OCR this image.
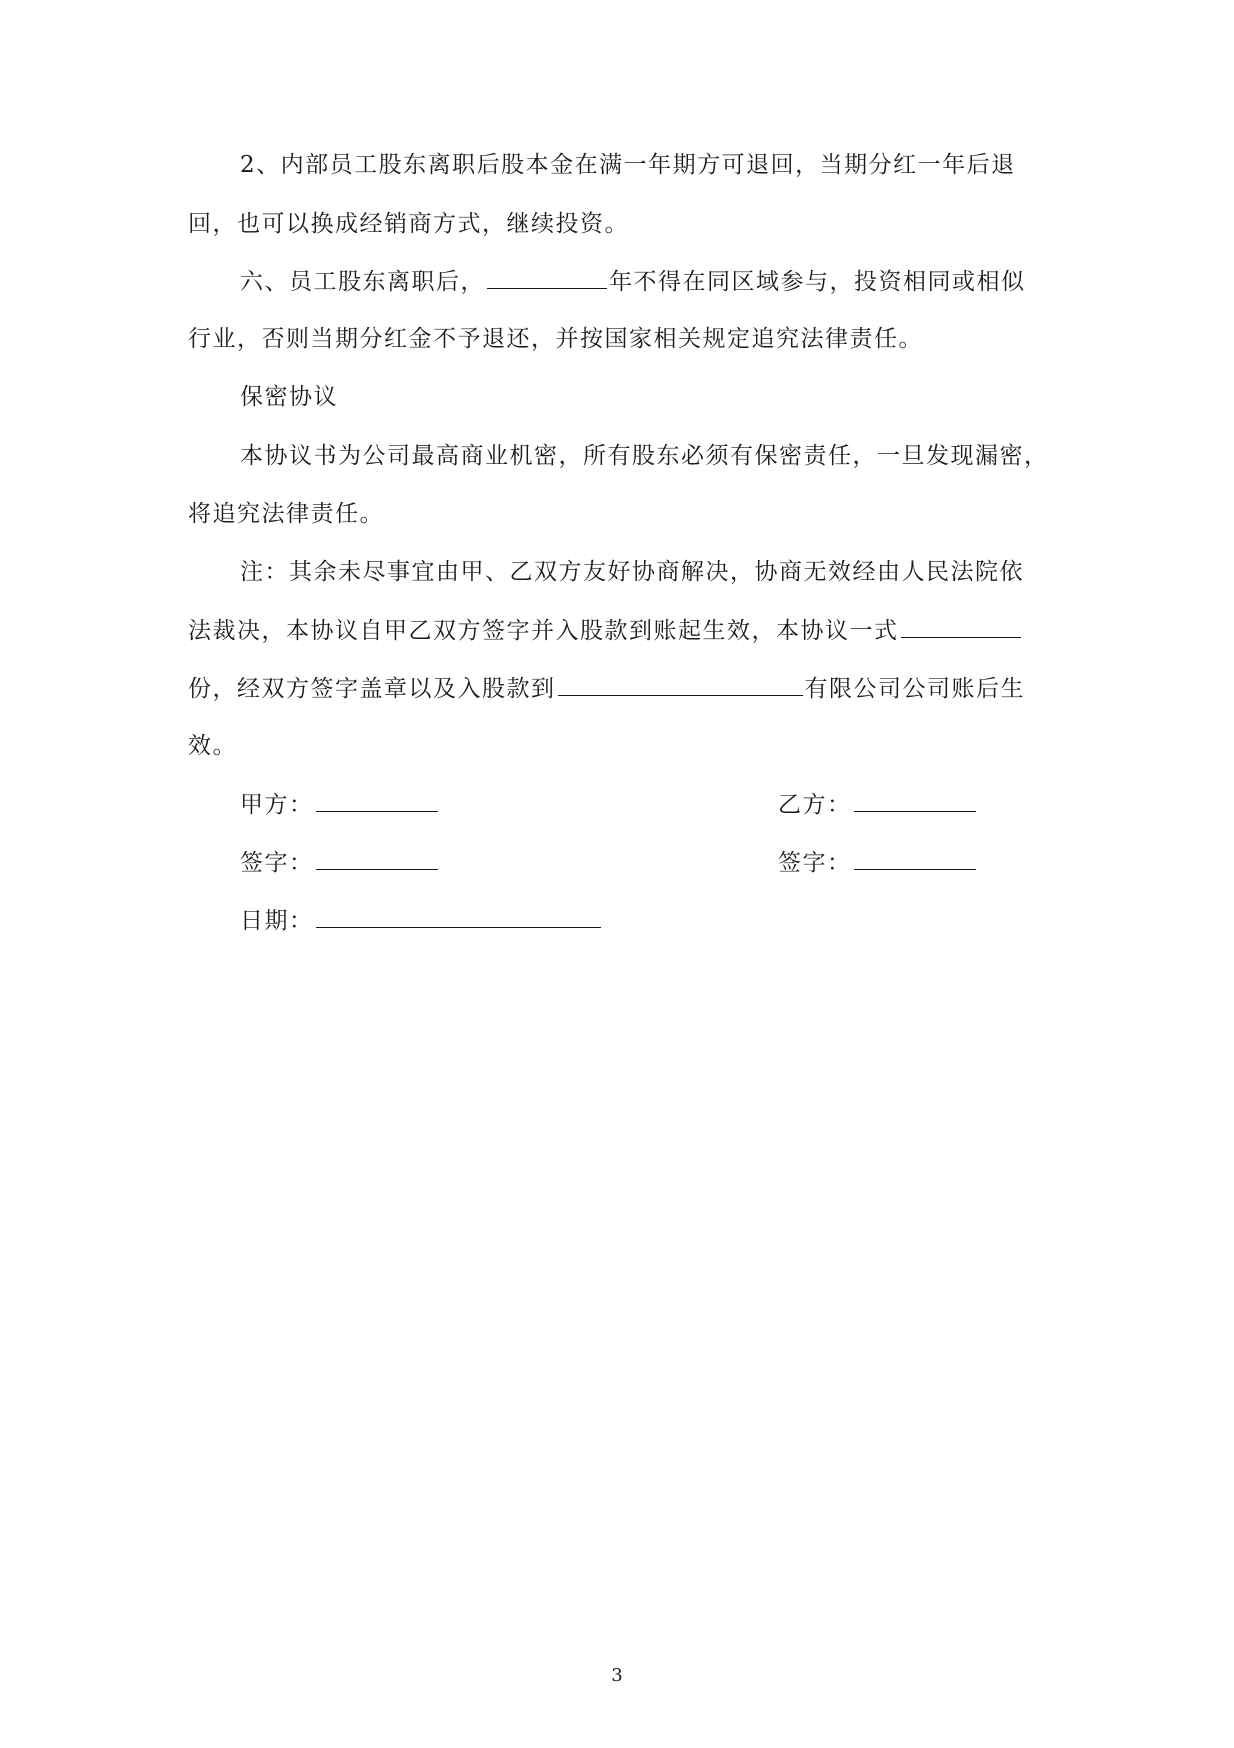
2、内部员工股东离职后股本金在满一年期方可退回，当期分红一年后退
回，也可以换成经销商方式，继续投资。
六、员工股东离职后，	年不得在同区域参与，投资相同或相似
行业，否则当期分红金不予退还，并按国家相关规定追究法律责任。
保密协议
本协议书为公司最高商业机密，所有股东必须有保密责任，一旦发现漏密，
将追究法律责任。
注：其余未尽事宜由甲、乙双方友好协商解决，协商无效经由人民法院依
法裁决，本协议自甲乙双方签字并入股款到账起生效，本协议一式
份，经双方签字盖章以及入股款到	有限公司公司账后生
效。
甲方：	乙方：
签字：	签字：
日期：
3
